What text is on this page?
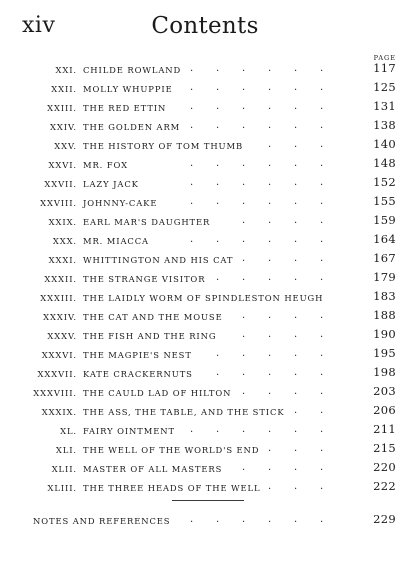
xiv	Contents
PAGE
XXI. CHILDE ROWLAND . . . . . .	117
XXII. MOLLY WHUPPIE . . . . . .	125
XXIII. THE RED ETTIN . . . . . .	131
XXIV. THE GOLDEN ARM . . . . . .	138
XXV. THE HISTORY OF TOM THUMB . . .	140
XXVI. MR. FOX	. . . . . .	148
XXVII. LAZY JACK	. . . . . .	152
XXVIII. JOHNNY-CAKE	. . . . . .	155
XXIX. EARL MAR'S DAUGHTER	. . . .	159
XXX. MR. MIACCA	. . . . . .	164
XXXI. WHITTINGTON AND HIS CAT . . . .	167
XXXII. THE STRANGE VISITOR . . . . .	179
XXXIII. THE LAIDLY WORM OF SPINDLESTON HEUGH	183
XXXIV. THE CAT AND THE MOUSE . . . .	188
XXXV. THE FISH AND THE RING	. . . .	190
XXXVI. THE MAGPIE'S NEST . . . . .	195
XXXVII. KATE CRACKERNUTS . . . . .	198
XXXVIII. THE CAULD LAD OF HILTON . . . .	203
XXXIX. THE ASS, THE TABLE, AND THE STICK . .	206
XL. FAIRY OINTMENT . . . . . .	211
XLI. THE WELL OF THE WORLD'S END . . .	215
XLII. MASTER OF ALL MASTERS . . . .	220
XLIII. THE THREE HEADS OF THE WELL . . .	222
NOTES AND REFERENCES . . . . . .	229
